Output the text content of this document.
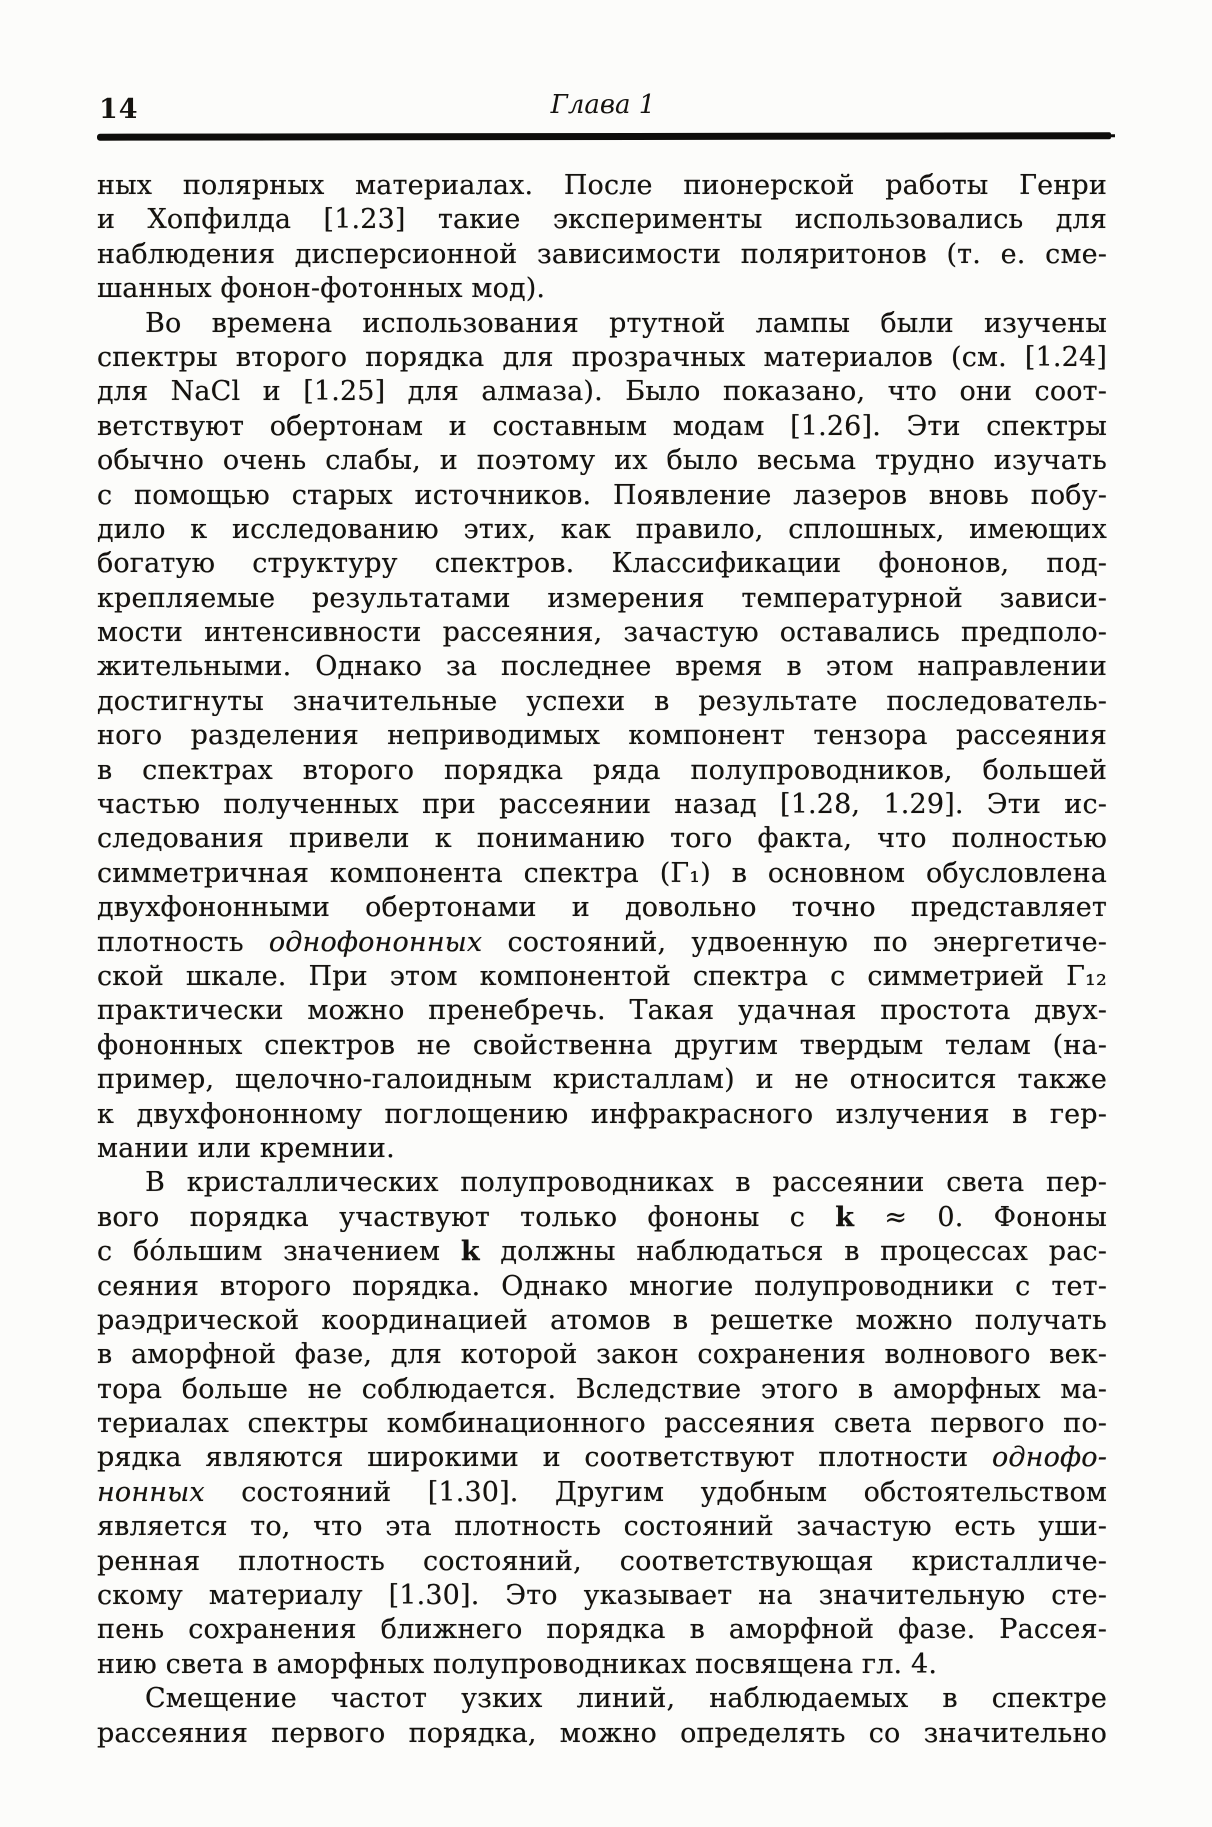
14	Глава 1
ных полярных материалах. После пионерской работы Генри
и Хопфилда [1.23] такие эксперименты использовались для
наблюдения дисперсионной зависимости поляритонов (т. е. сме-
шанных фонон-фотонных мод).
Во времена использования ртутной лампы были изучены
спектры второго порядка для прозрачных материалов (см. [1.24]
для NaCl и [1.25] для алмаза). Было показано, что они соот-
ветствуют обертонам и составным модам [1.26]. Эти спектры
обычно очень слабы, и поэтому их было весьма трудно изучать
с помощью старых источников. Появление лазеров вновь побу-
дило к исследованию этих, как правило, сплошных, имеющих
богатую структуру спектров. Классификации фононов, под-
крепляемые результатами измерения температурной зависи-
мости интенсивности рассеяния, зачастую оставались предполо-
жительными. Однако за последнее время в этом направлении
достигнуты значительные успехи в результате последователь-
ного разделения неприводимых компонент тензора рассеяния
в спектрах второго порядка ряда полупроводников, большей
частью полученных при рассеянии назад [1.28, 1.29]. Эти ис-
следования привели к пониманию того факта, что полностью
симметричная компонента спектра (Γ₁) в основном обусловлена
двухфононными обертонами и довольно точно представляет
плотность однофононных состояний, удвоенную по энергетиче-
ской шкале. При этом компонентой спектра с симметрией Γ₁₂
практически можно пренебречь. Такая удачная простота двух-
фононных спектров не свойственна другим твердым телам (на-
пример, щелочно-галоидным кристаллам) и не относится также
к двухфононному поглощению инфракрасного излучения в гер-
мании или кремнии.
В кристаллических полупроводниках в рассеянии света пер-
вого порядка участвуют только фононы с k ≈ 0. Фононы
с бо́льшим значением k должны наблюдаться в процессах рас-
сеяния второго порядка. Однако многие полупроводники с тет-
раэдрической координацией атомов в решетке можно получать
в аморфной фазе, для которой закон сохранения волнового век-
тора больше не соблюдается. Вследствие этого в аморфных ма-
териалах спектры комбинационного рассеяния света первого по-
рядка являются широкими и соответствуют плотности однофо-
нонных состояний [1.30]. Другим удобным обстоятельством
является то, что эта плотность состояний зачастую есть уши-
ренная плотность состояний, соответствующая кристалличе-
скому материалу [1.30]. Это указывает на значительную сте-
пень сохранения ближнего порядка в аморфной фазе. Рассея-
нию света в аморфных полупроводниках посвящена гл. 4.
Смещение частот узких линий, наблюдаемых в спектре
рассеяния первого порядка, можно определять со значительно
